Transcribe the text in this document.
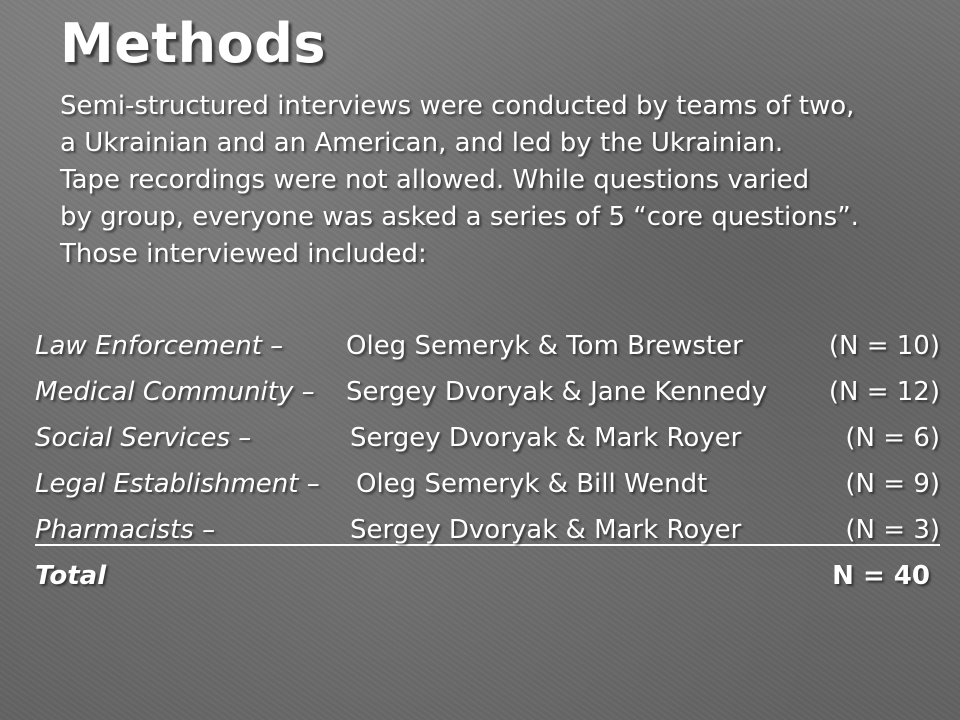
Methods
Semi-structured interviews were conducted by teams of two,
a Ukrainian and an American, and led by the Ukrainian.
Tape recordings were not allowed. While questions varied
by group, everyone was asked a series of 5 “core questions”.
Those interviewed included:
Law Enforcement – Oleg Semeryk & Tom Brewster	(N = 10)
Medical Community – Sergey Dvoryak & Jane Kennedy (N = 12)
Social Services –	Sergey Dvoryak & Mark Royer	(N = 6)
Legal Establishment – Oleg Semeryk & Bill Wendt	(N = 9)
Pharmacists –	Sergey Dvoryak & Mark Royer	(N = 3)
Total	N = 40
